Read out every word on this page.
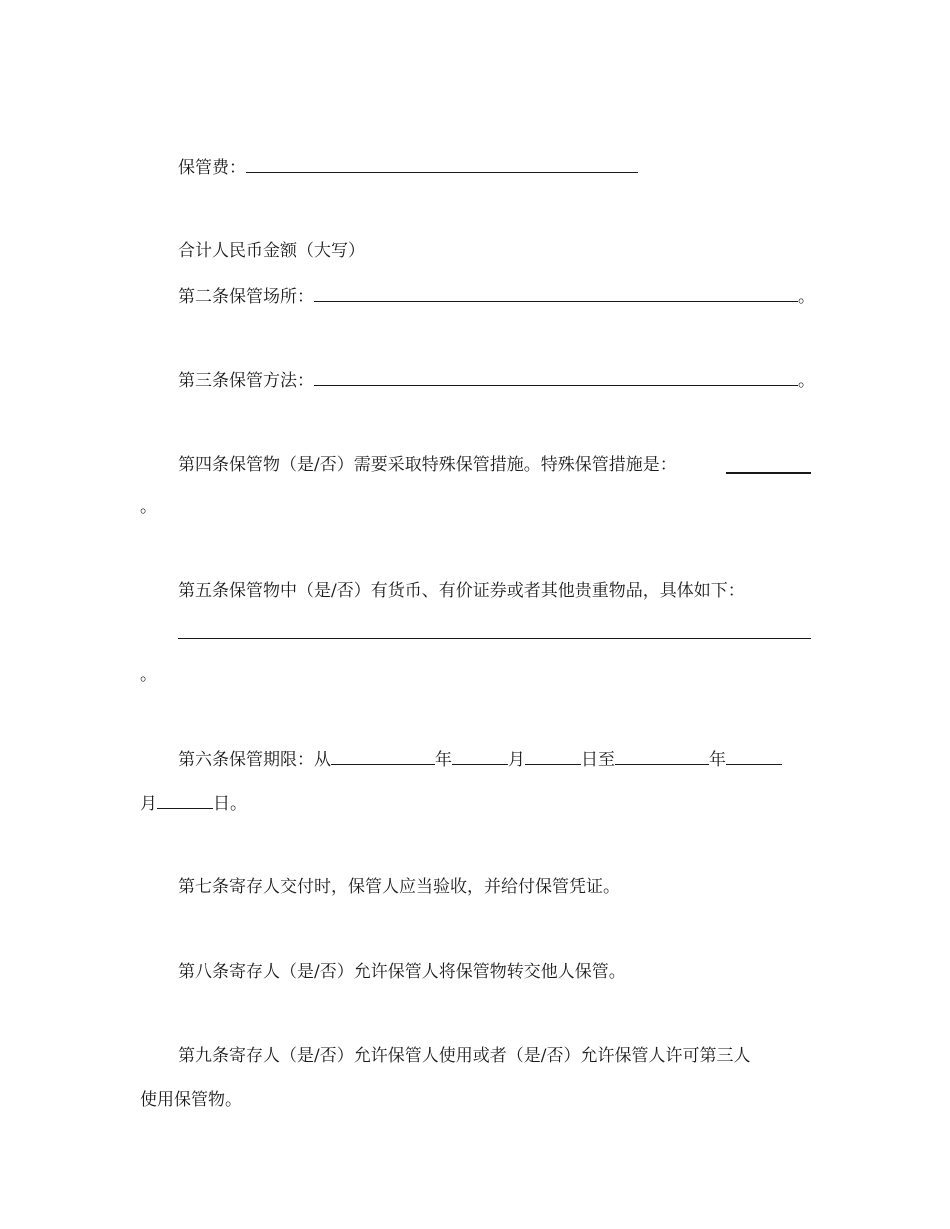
保管费：
合计人民币金额（大写）
第二条保管场所：	。
第三条保管方法：	。
第四条保管物（是/否）需要采取特殊保管措施。特殊保管措施是：
。
第五条保管物中（是/否）有货币、有价证券或者其他贵重物品，具体如下：
。
第六条保管期限：从	年	月	日至	年
月	日。
第七条寄存人交付时，保管人应当验收，并给付保管凭证。
第八条寄存人（是/否）允许保管人将保管物转交他人保管。
第九条寄存人（是/否）允许保管人使用或者（是/否）允许保管人许可第三人
使用保管物。
